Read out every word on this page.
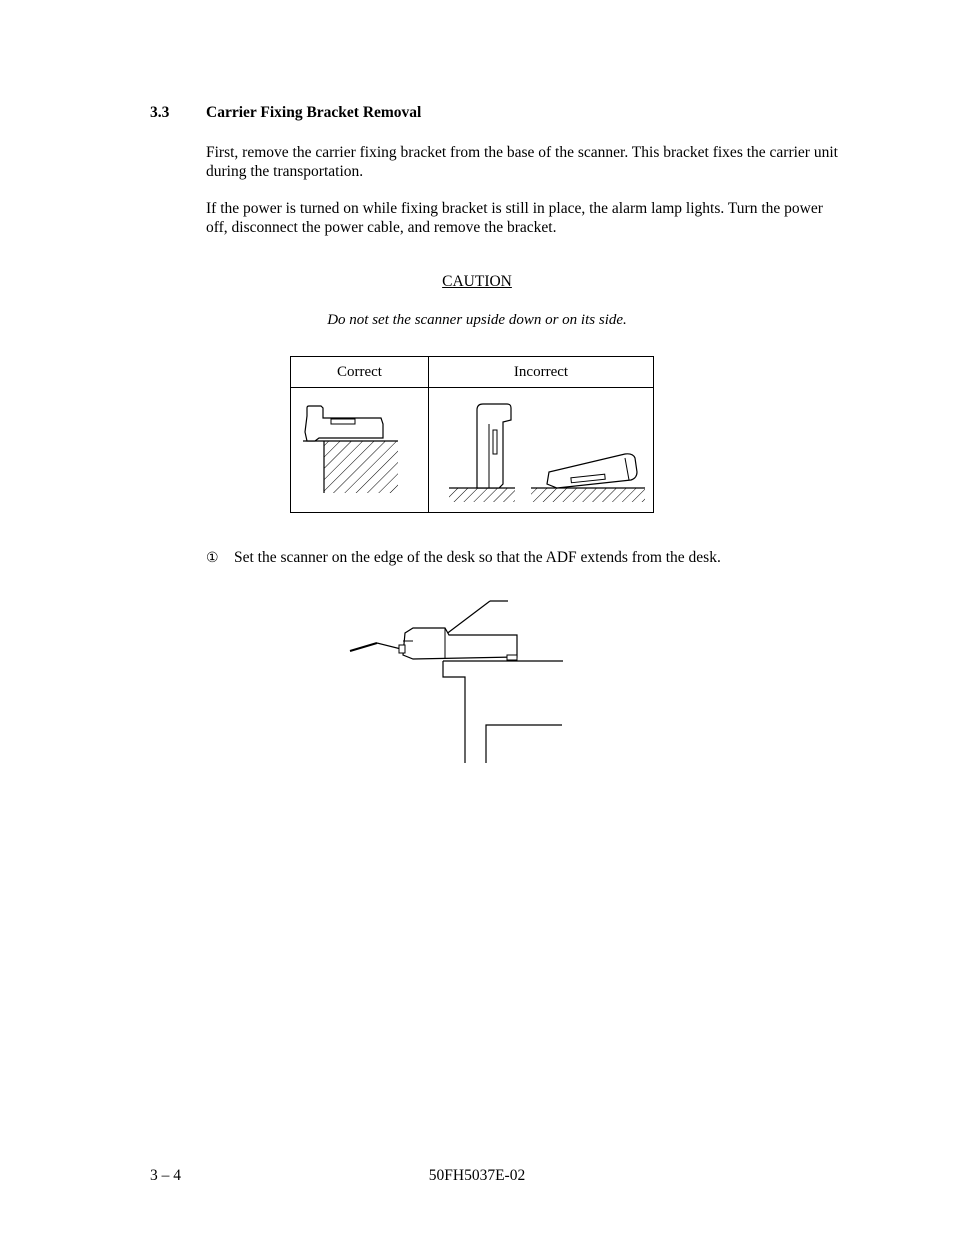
3.3 Carrier Fixing Bracket Removal

First, remove the carrier fixing bracket from the base of the scanner. This bracket fixes the carrier unit during the transportation.

If the power is turned on while fixing bracket is still in place, the alarm lamp lights. Turn the power off, disconnect the power cable, and remove the bracket.

CAUTION
Do not set the scanner upside down or on its side.
Correct	Incorrect

① Set the scanner on the edge of the desk so that the ADF extends from the desk.
3 – 4	50FH5037E-02
